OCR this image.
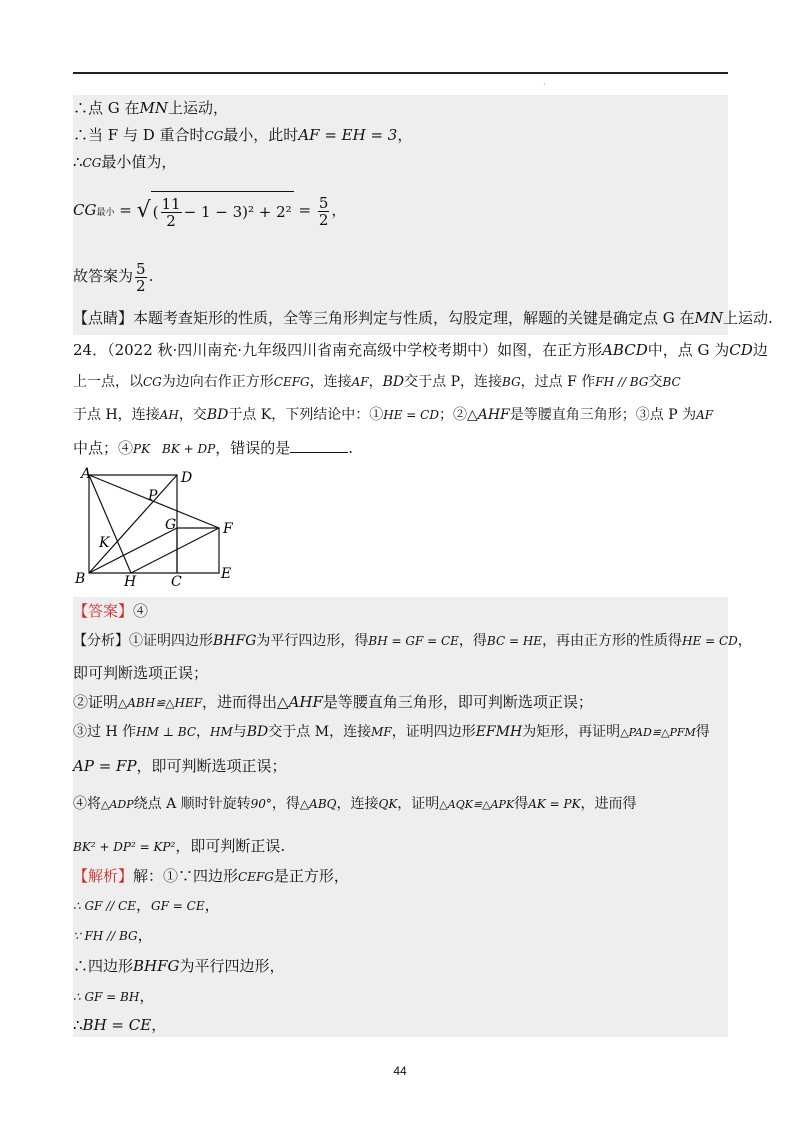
·
∴点 G 在MN上运动，
∴当 F 与 D 重合时CG最小，此时AF = EH = 3，
∴CG最小值为，
CG最小 = √ ( $\frac{11}{2} - 1 - 3)^2 + 2^2 = \frac{5}{2}$ ，
故答案为 $\frac{5}{2}$ .
【点睛】本题考查矩形的性质，全等三角形判定与性质，勾股定理，解题的关键是确定点 G 在MN上运动.
24．（2022 秋·四川南充·九年级四川省南充高级中学校考期中）如图，在正方形ABCD中，点 G 为CD边
上一点，以CG为边向右作正方形CEFG，连接AF，BD交于点 P，连接BG，过点 F 作FH // BG交BC
于点 H，连接AH，交BD于点 K，下列结论中：①HE = CD；②△AHF是等腰直角三角形；③点 P 为AF
中点；④PK　BK + DP，错误的是	.
A	D
P
G	F
K
B	H C	E
【答案】④
【分析】①证明四边形BHFG为平行四边形，得BH = GF = CE，得BC = HE，再由正方形的性质得HE = CD，
即可判断选项正误；
②证明△ABH≌△HEF，进而得出△AHF是等腰直角三角形，即可判断选项正误；
③过 H 作HM ⊥ BC，HM与BD交于点 M，连接MF，证明四边形EFMH为矩形，再证明△PAD≌△PFM得
AP = FP，即可判断选项正误；
④将△ADP绕点 A 顺时针旋转90°，得△ABQ，连接QK，证明△AQK≌△APK得AK = PK，进而得
BK² + DP² = KP²，即可判断正误.
【解析】解：①∵四边形CEFG是正方形，
∴ GF // CE，GF = CE，
∵ FH // BG，
∴四边形BHFG为平行四边形，
∴ GF = BH，
∴BH = CE，
44
